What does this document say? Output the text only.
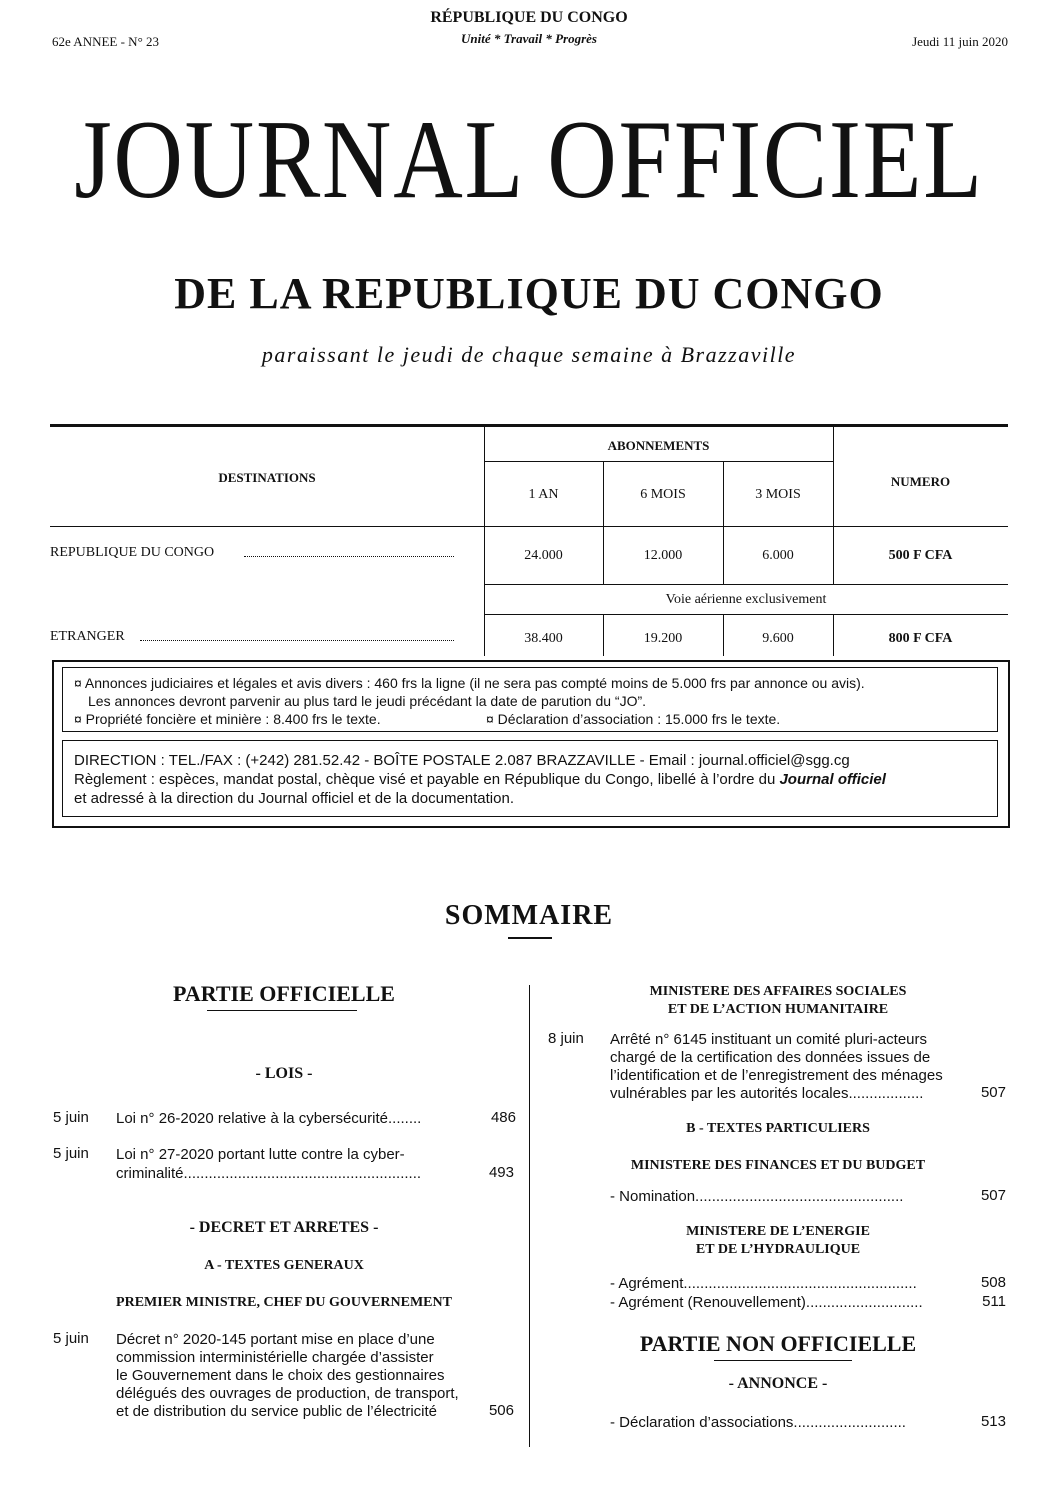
62e ANNEE - N° 23
RÉPUBLIQUE DU CONGO
Unité * Travail * Progrès	Jeudi 11 juin 2020
JOURNAL OFFICIEL
DE LA REPUBLIQUE DU CONGO
paraissant le jeudi de chaque semaine à Brazzaville
DESTINATIONS
ABONNEMENTS
NUMERO
1 AN	6 MOIS	3 MOIS
REPUBLIQUE DU CONGO	24.000	12.000	6.000	500 F CFA
Voie aérienne exclusivement
ETRANGER	38.400	19.200	9.600	800 F CFA
¤ Annonces judiciaires et légales et avis divers : 460 frs la ligne (il ne sera pas compté moins de 5.000 frs par annonce ou avis).
Les annonces devront parvenir au plus tard le jeudi précédant la date de parution du “JO”.
¤ Propriété foncière et minière : 8.400 frs le texte.	¤ Déclaration d’association : 15.000 frs le texte.
DIRECTION : TEL./FAX : (+242) 281.52.42 - BOÎTE POSTALE 2.087 BRAZZAVILLE - Email : journal.officiel@sgg.cg
Règlement : espèces, mandat postal, chèque visé et payable en République du Congo, libellé à l’ordre du Journal officiel
et adressé à la direction du Journal officiel et de la documentation.
SOMMAIRE
PARTIE OFFICIELLE
- LOIS -
5 juin Loi n° 26-2020 relative à la cybersécurité........	486
5 juin Loi n° 27-2020 portant lutte contre la cyber-
criminalité.........................................................	493
- DECRET ET ARRETES -
A - TEXTES GENERAUX
PREMIER MINISTRE, CHEF DU GOUVERNEMENT
5 juin Décret n° 2020-145 portant mise en place d’une
commission interministérielle chargée d’assister
le Gouvernement dans le choix des gestionnaires
délégués des ouvrages de production, de transport,
et de distribution du service public de l’électricité	506
MINISTERE DES AFFAIRES SOCIALES
ET DE L’ACTION HUMANITAIRE
8 juin Arrêté n° 6145 instituant un comité pluri-acteurs
chargé de la certification des données issues de
l’identification et de l’enregistrement des ménages
vulnérables par les autorités locales..................	507
B - TEXTES PARTICULIERS
MINISTERE DES FINANCES ET DU BUDGET
- Nomination..................................................	507
MINISTERE DE L’ENERGIE
ET DE L’HYDRAULIQUE
- Agrément........................................................	508
- Agrément (Renouvellement)............................	511
PARTIE NON OFFICIELLE
- ANNONCE -
- Déclaration d’associations...........................	513
